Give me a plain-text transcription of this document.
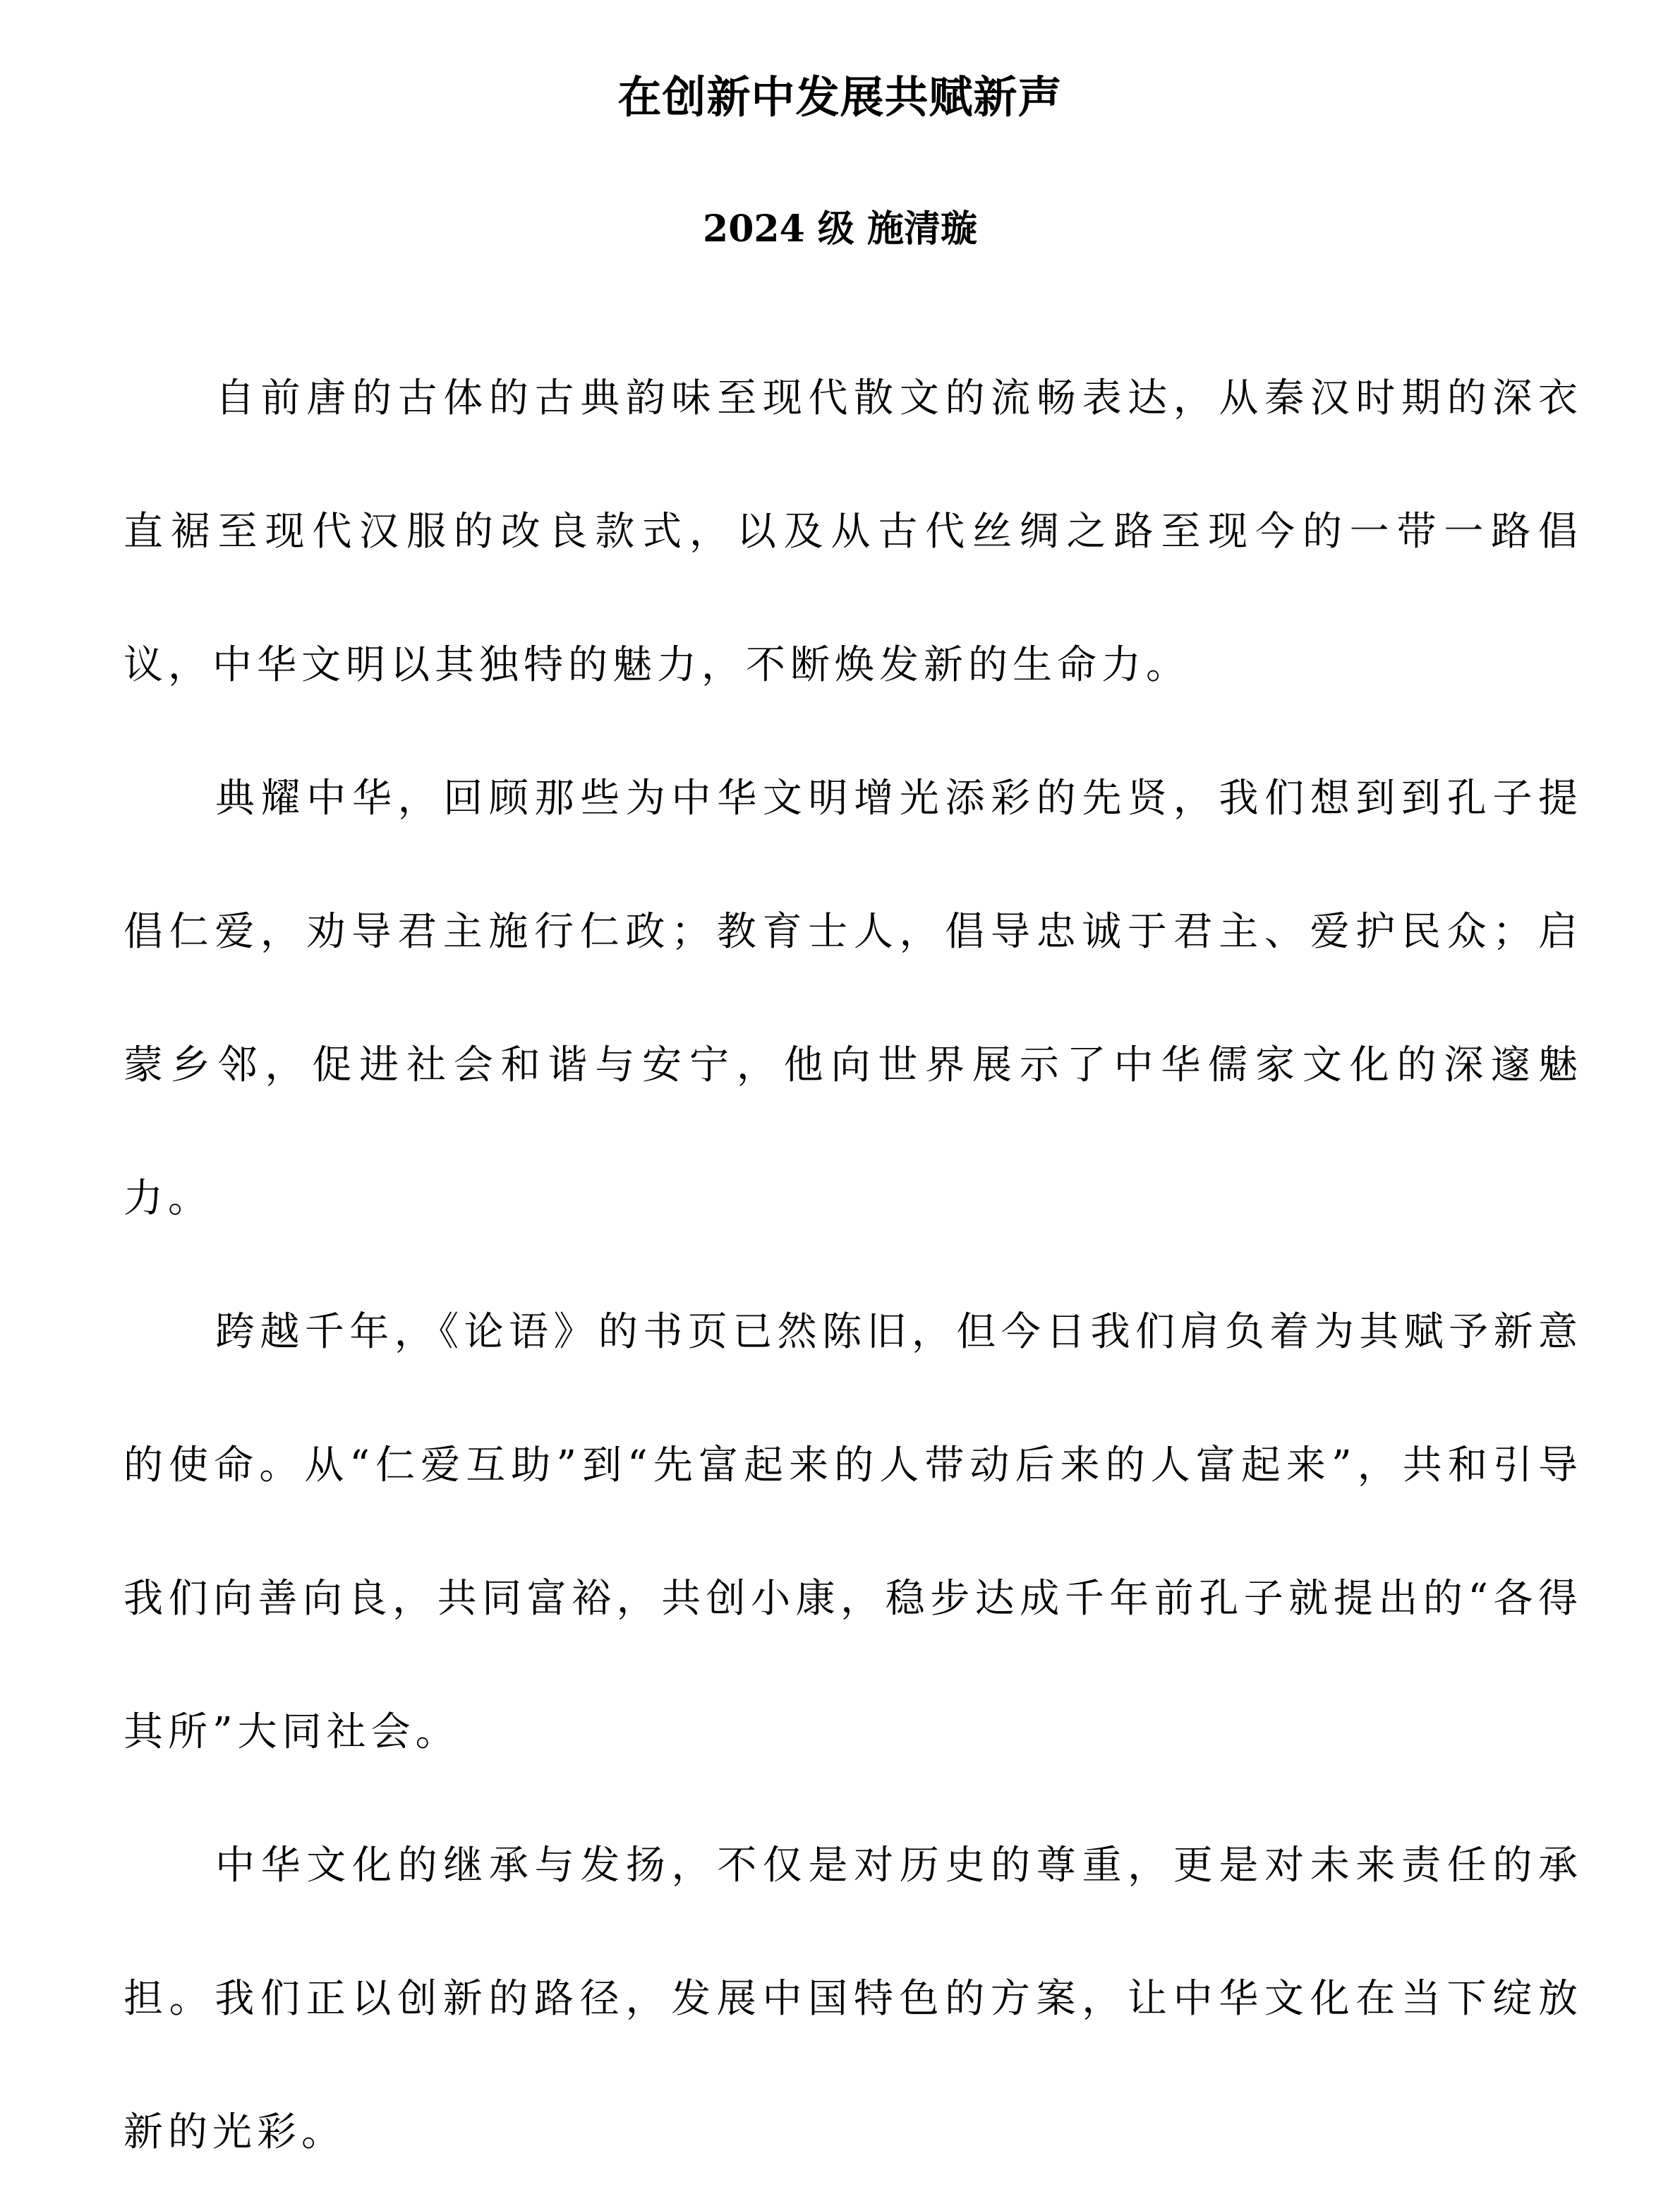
在创新中发展共赋新声
2024 级 施清璇

自前唐的古体的古典韵味至现代散文的流畅表达，从秦汉时期的深衣直裾至现代汉服的改良款式，以及从古代丝绸之路至现今的一带一路倡议，中华文明以其独特的魅力，不断焕发新的生命力。

典耀中华，回顾那些为中华文明增光添彩的先贤，我们想到到孔子提倡仁爱，劝导君主施行仁政；教育士人，倡导忠诚于君主、爱护民众；启蒙乡邻，促进社会和谐与安宁，他向世界展示了中华儒家文化的深邃魅力。

跨越千年，《论语》的书页已然陈旧，但今日我们肩负着为其赋予新意的使命。从“仁爱互助”到“先富起来的人带动后来的人富起来”，共和引导我们向善向良，共同富裕，共创小康，稳步达成千年前孔子就提出的“各得其所”大同社会。

中华文化的继承与发扬，不仅是对历史的尊重，更是对未来责任的承担。我们正以创新的路径，发展中国特色的方案，让中华文化在当下绽放新的光彩。
